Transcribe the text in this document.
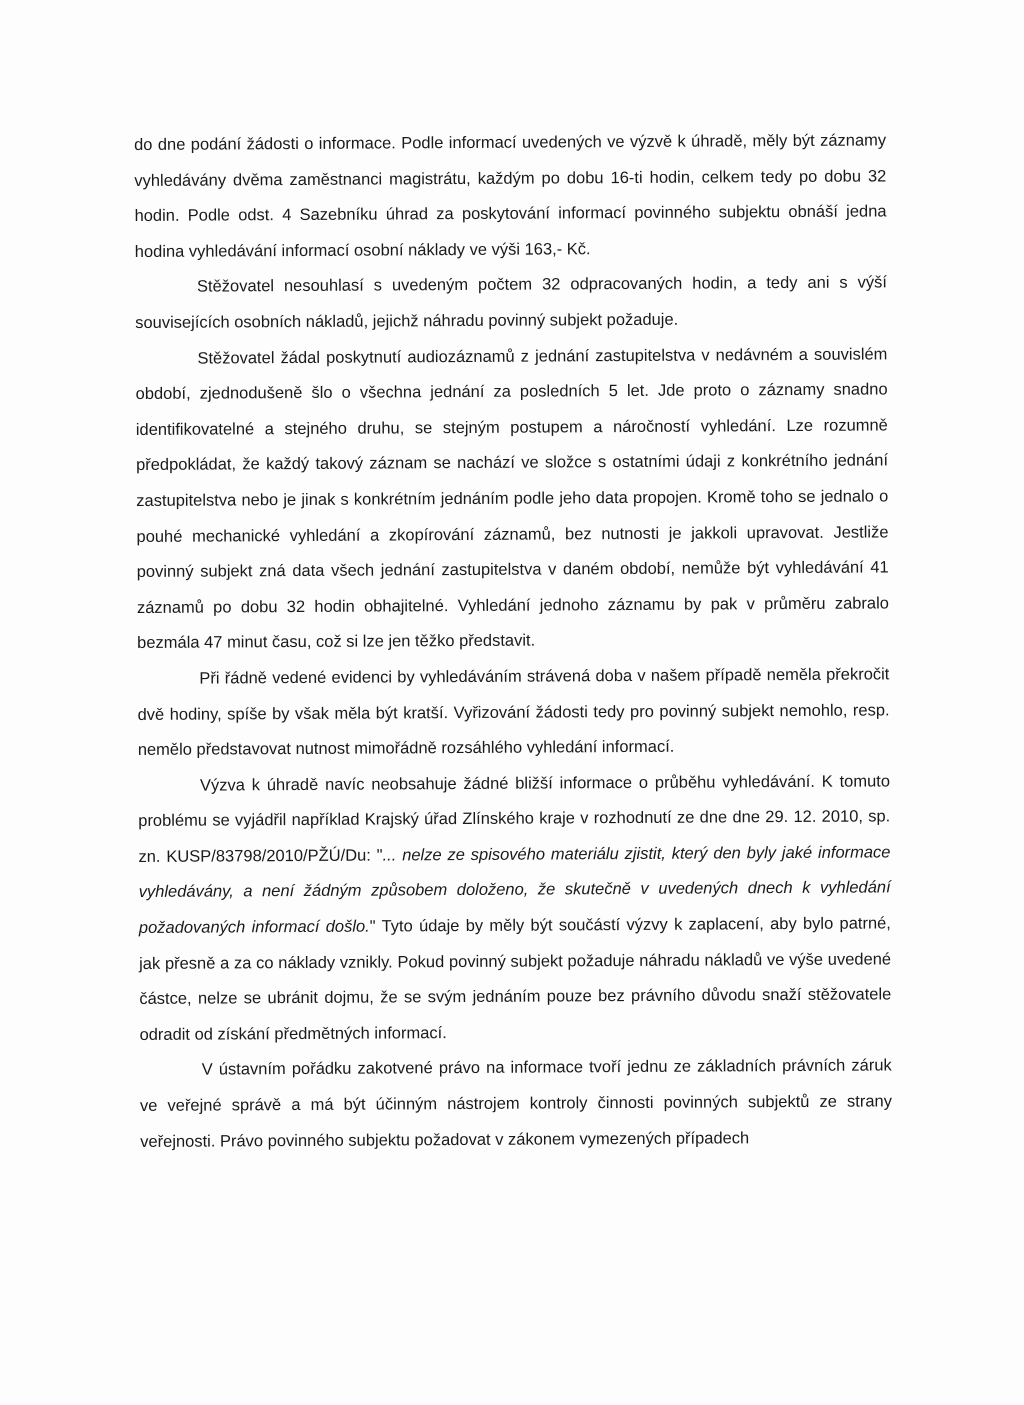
do dne podání žádosti o informace. Podle informací uvedených ve výzvě k úhradě, měly být záznamy vyhledávány dvěma zaměstnanci magistrátu, každým po dobu 16-ti hodin, celkem tedy po dobu 32 hodin. Podle odst. 4 Sazebníku úhrad za poskytování informací povinného subjektu obnáší jedna hodina vyhledávání informací osobní náklady ve výši 163,- Kč.

Stěžovatel nesouhlasí s uvedeným počtem 32 odpracovaných hodin, a tedy ani s výší souvisejících osobních nákladů, jejichž náhradu povinný subjekt požaduje.

Stěžovatel žádal poskytnutí audiozáznamů z jednání zastupitelstva v nedávném a souvislém období, zjednodušeně šlo o všechna jednání za posledních 5 let. Jde proto o záznamy snadno identifikovatelné a stejného druhu, se stejným postupem a náročností vyhledání. Lze rozumně předpokládat, že každý takový záznam se nachází ve složce s ostatními údaji z konkrétního jednání zastupitelstva nebo je jinak s konkrétním jednáním podle jeho data propojen. Kromě toho se jednalo o pouhé mechanické vyhledání a zkopírování záznamů, bez nutnosti je jakkoli upravovat. Jestliže povinný subjekt zná data všech jednání zastupitelstva v daném období, nemůže být vyhledávání 41 záznamů po dobu 32 hodin obhajitelné. Vyhledání jednoho záznamu by pak v průměru zabralo bezmála 47 minut času, což si lze jen těžko představit.

Při řádně vedené evidenci by vyhledáváním strávená doba v našem případě neměla překročit dvě hodiny, spíše by však měla být kratší. Vyřizování žádosti tedy pro povinný subjekt nemohlo, resp. nemělo představovat nutnost mimořádně rozsáhlého vyhledání informací.

Výzva k úhradě navíc neobsahuje žádné bližší informace o průběhu vyhledávání. K tomuto problému se vyjádřil například Krajský úřad Zlínského kraje v rozhodnutí ze dne dne 29. 12. 2010, sp. zn. KUSP/83798/2010/PŽÚ/Du: "... nelze ze spisového materiálu zjistit, který den byly jaké informace vyhledávány, a není žádným způsobem doloženo, že skutečně v uvedených dnech k vyhledání požadovaných informací došlo." Tyto údaje by měly být součástí výzvy k zaplacení, aby bylo patrné, jak přesně a za co náklady vznikly. Pokud povinný subjekt požaduje náhradu nákladů ve výše uvedené částce, nelze se ubránit dojmu, že se svým jednáním pouze bez právního důvodu snaží stěžovatele odradit od získání předmětných informací.

V ústavním pořádku zakotvené právo na informace tvoří jednu ze základních právních záruk ve veřejné správě a má být účinným nástrojem kontroly činnosti povinných subjektů ze strany veřejnosti. Právo povinného subjektu požadovat v zákonem vymezených případech
